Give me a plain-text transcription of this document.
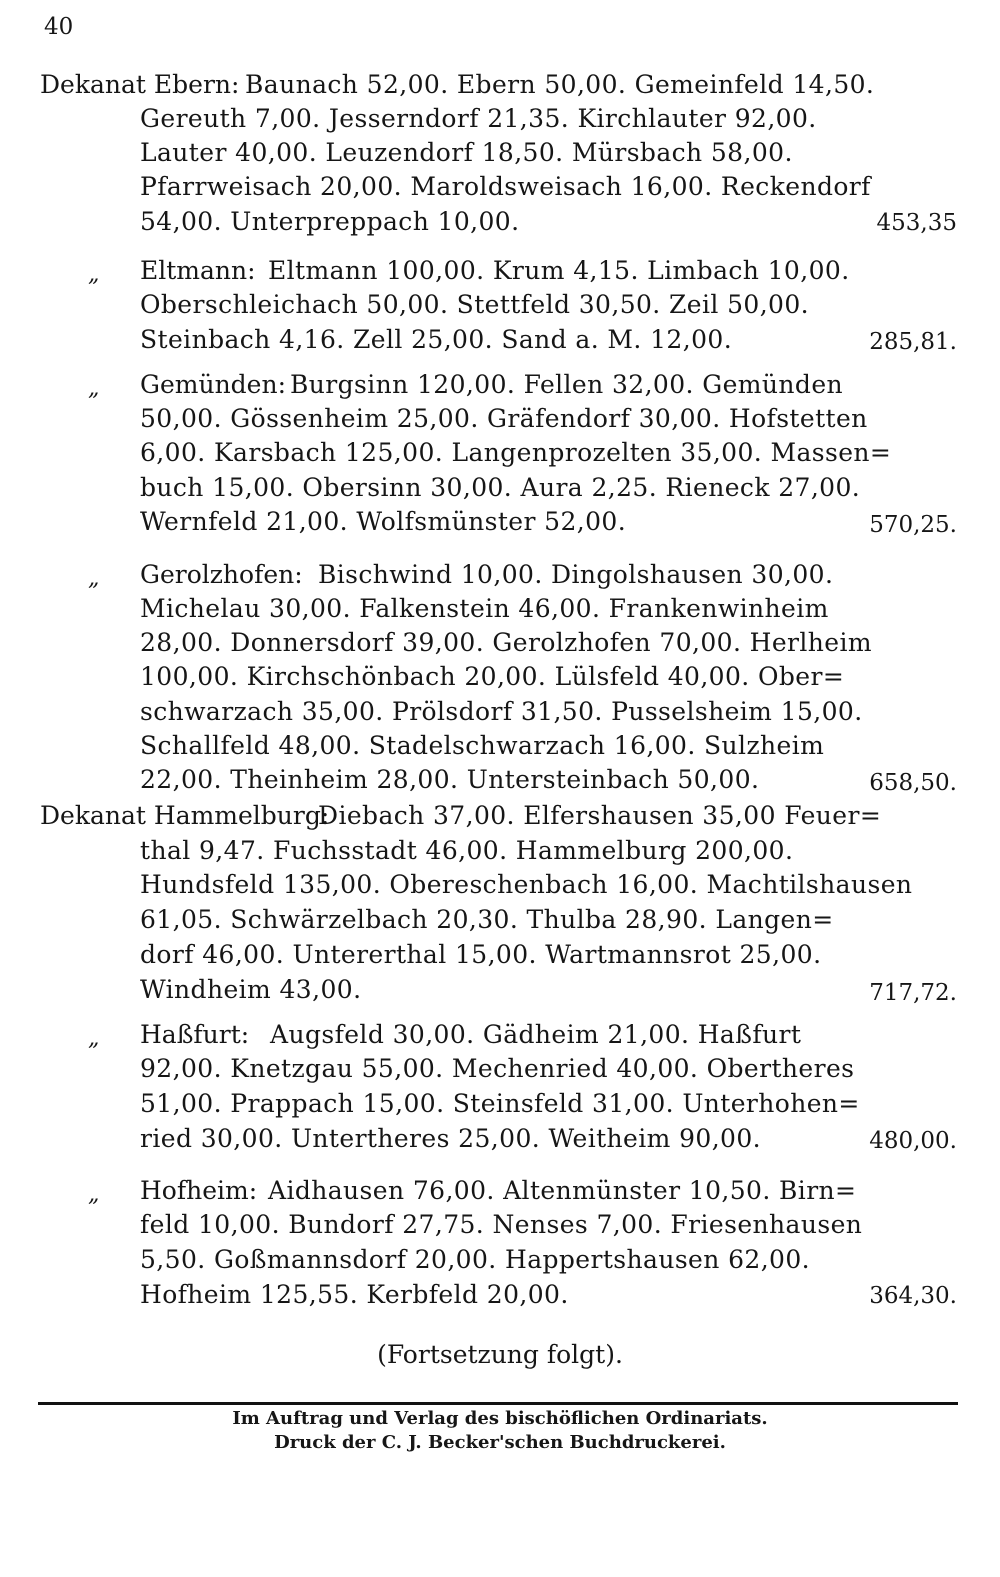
40
Dekanat Ebern: Baunach 52,00. Ebern 50,00. Gemeinfeld 14,50.
Gereuth 7,00. Jesserndorf 21,35. Kirchlauter 92,00.
Lauter 40,00. Leuzendorf 18,50. Mürsbach 58,00.
Pfarrweisach 20,00. Maroldsweisach 16,00. Reckendorf
54,00. Unterpreppach 10,00.	453,35
„ Eltmann: Eltmann 100,00. Krum 4,15. Limbach 10,00.
Oberschleichach 50,00. Stettfeld 30,50. Zeil 50,00.
Steinbach 4,16. Zell 25,00. Sand a. M. 12,00.	285,81.
„ Gemünden: Burgsinn 120,00. Fellen 32,00. Gemünden
50,00. Gössenheim 25,00. Gräfendorf 30,00. Hofstetten
6,00. Karsbach 125,00. Langenprozelten 35,00. Massen=
buch 15,00. Obersinn 30,00. Aura 2,25. Rieneck 27,00.
Wernfeld 21,00. Wolfsmünster 52,00.	570,25.
„ Gerolzhofen: Bischwind 10,00. Dingolshausen 30,00.
Michelau 30,00. Falkenstein 46,00. Frankenwinheim
28,00. Donnersdorf 39,00. Gerolzhofen 70,00. Herlheim
100,00. Kirchschönbach 20,00. Lülsfeld 40,00. Ober=
schwarzach 35,00. Prölsdorf 31,50. Pusselsheim 15,00.
Schallfeld 48,00. Stadelschwarzach 16,00. Sulzheim
22,00. Theinheim 28,00. Untersteinbach 50,00.	658,50.
Dekanat Hammelburg:
Diebach 37,00. Elfershausen 35,00 Feuer=
thal 9,47. Fuchsstadt 46,00. Hammelburg 200,00.
Hundsfeld 135,00. Obereschenbach 16,00. Machtilshausen
61,05. Schwärzelbach 20,30. Thulba 28,90. Langen=
dorf 46,00. Untererthal 15,00. Wartmannsrot 25,00.
Windheim 43,00.	717,72.
„ Haßfurt: Augsfeld 30,00. Gädheim 21,00. Haßfurt
92,00. Knetzgau 55,00. Mechenried 40,00. Obertheres
51,00. Prappach 15,00. Steinsfeld 31,00. Unterhohen=
ried 30,00. Untertheres 25,00. Weitheim 90,00.	480,00.
„ Hofheim: Aidhausen 76,00. Altenmünster 10,50. Birn=
feld 10,00. Bundorf 27,75. Nenses 7,00. Friesenhausen
5,50. Goßmannsdorf 20,00. Happertshausen 62,00.
Hofheim 125,55. Kerbfeld 20,00.	364,30.
(Fortsetzung folgt).
Im Auftrag und Verlag des bischöflichen Ordinariats.
Druck der C. J. Becker'schen Buchdruckerei.
